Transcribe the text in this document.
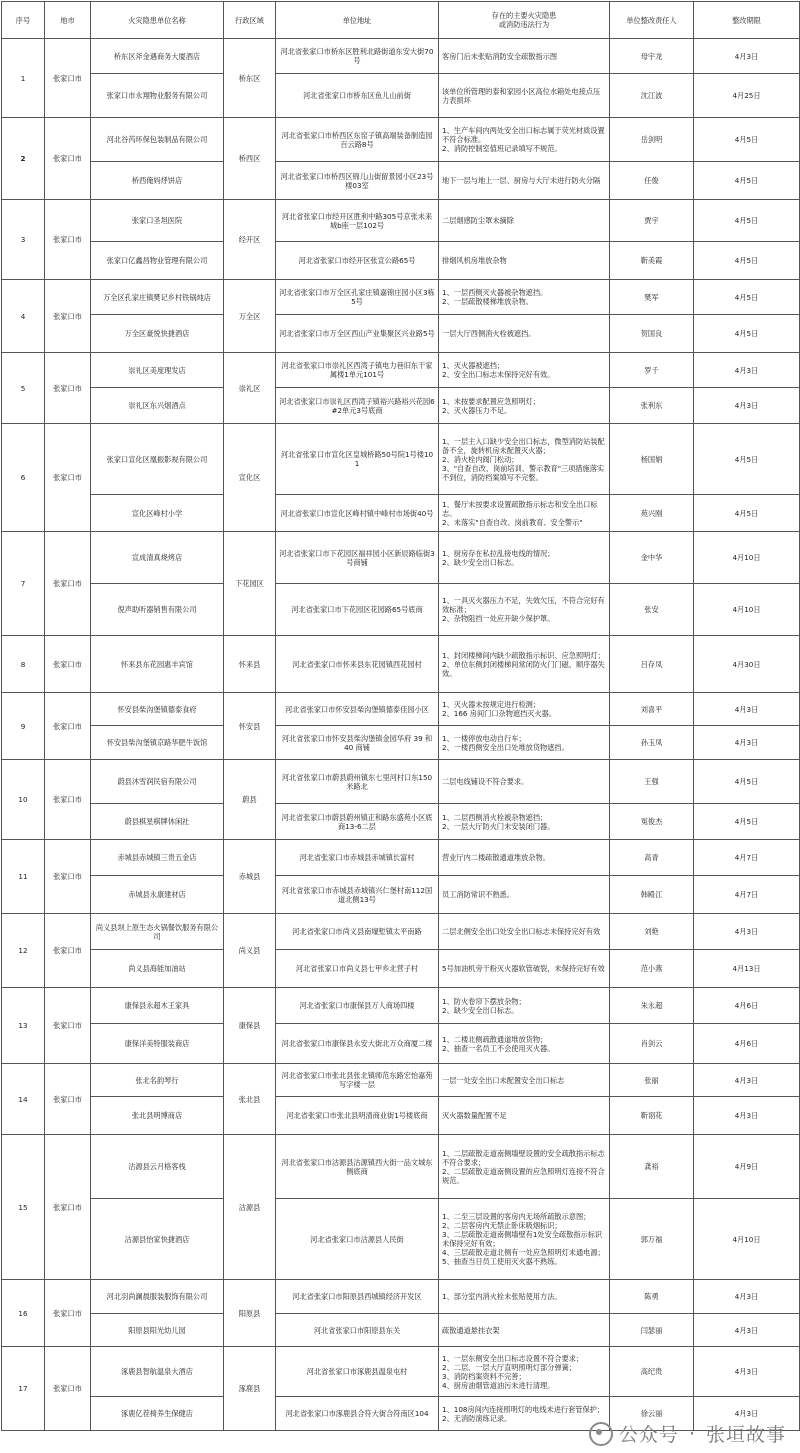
序号	地市	火灾隐患单位名称	行政区域	单位地址	存在的主要火灾隐患
或消防违法行为	单位整改责任人	整改期限
1	张家口市	桥东区斧金遇商务大厦酒店	桥东区	河北省张家口市桥东区胜利北路街道东安大街70号	客房门后未张贴消防安全疏散指示图	母宇龙	4月3日
		张家口市永翔物业服务有限公司		河北省张家口市桥东区鱼儿山前街	该单位所管理的泰和家园小区高位水箱处电接点压力表损坏	沈江波	4月25日
2	张家口市	河北谷芮环保包装制品有限公司	桥西区	河北省张家口市桥西区东窑子镇高端装备制造园百云路8号	1、生产车间内两处安全出口标志属于荧光材质设置不符合标准。
2、消防控制室值班记录填写不规范。	岳剑明	4月5日
		桥西俺妈烀饼店		河北省张家口市桥西区锦儿山街留景园小区23号楼03室	地下一层与地上一层、厨房与大厅未进行防火分隔	任俊	4月5日
3	张家口市	张家口圣坦医院	经开区	河北省张家口市经开区胜利中路305号京张未来城b座一层102号	二层烟感防尘罩未摘除	贾宇	4月5日
		张家口亿鑫昌物业管理有限公司		河北省张家口市经开区张宣公路65号	排烟风机房堆放杂物	靳美霞	4月5日
4	张家口市	万全区孔家庄镇樊记乡村铁锅炖店	万全区	河北省张家口市万全区孔家庄镇嘉锦庄园小区3栋5号	1、一层西侧灭火器被杂物遮挡。
2、一层疏散楼梯堆放杂物。	樊军	4月5日
		万全区豪悦快捷酒店		河北省张家口市万全区西山产业集聚区兴业路5号	一层大厅西侧消火栓被遮挡。	贺国良	4月5日
5	张家口市	崇礼区美度理发店	崇礼区	河北省张家口市崇礼区西湾子镇电力巷旧东干家属楼1单元101号	1、灭火器被遮挡；
2、安全出口标志未保持完好有效。	罗千	4月3日
		崇礼区东兴烟酒点		河北省张家口市崇礼区西湾子镇裕兴路裕兴花园6#2单元3号底商	1、未按要求配置应急照明灯；
2、灭火器压力不足。	张利东	4月3日
6	张家口市	张家口宣化区凰振影视有限公司	宣化区	河北省张家口市宣化区皇城桥路50号院1号楼101	1、一层主入口缺少安全出口标志，微型消防站装配备不全，旋转机房未配置灭火器；
2、消火栓内阀门松动；
3、"自查自改、岗前培训、警示教育"三项措施落实不到位，消防档案填写不完整。	杨国娟	4月5日
		宣化区峰村小学		河北省张家口市宣化区峰村镇中峰村市场街40号	1、餐厅未按要求设置疏散指示标志和安全出口标志。
2、未落实"自查自改、岗前教育、安全警示"	苑兴刚	4月5日
7	张家口市	宣成清真烧烤店	下花园区	河北省张家口市下花园区福祥园小区新辰路临街3号商铺	1、厨房存在私拉乱接电线的情况；
2、缺少安全出口标志。	金中华	4月10日
		倪声助听器销售有限公司		河北省张家口市下花园区花园路65号底商	1、一具灭火器压力不足，失效欠压，不符合完好有效标准；
2、杂物阻挡一处应开缺少保护罩。	张安	4月10日
8	张家口市	怀来县东花园惠丰宾馆	怀来县	河北省张家口市怀来县东花园镇西花园村	1、封闭楼梯间内缺少疏散指示标识、应急照明灯；
2、单位东侧封闭楼梯间常闭防火门门磁、顺序器失效。	吕存凤	4月30日
9	张家口市	怀安县柴沟堡镇德泰食府	怀安县	河北省张家口市怀安县柴沟堡镇德泰佳园小区	1、灭火器未按规定进行检测；
2、166 房间门口杂物遮挡灭火器。	刘喜平	4月3日
		怀安县柴沟堡镇京路华肥牛饭馆		河北省张家口市怀安县柴沟堡镇金园华府 39 和 40 商铺	1、一楼停放电动自行车；
2、一楼西侧安全出口处堆放货物遮挡。	孙玉凤	4月3日
10	张家口市	蔚县沐雪润民宿有限公司	蔚县	河北省张家口市蔚县蔚州镇东七里河村口东150米路北	二层电线铺设不符合要求。	王强	4月5日
		蔚县棋星棋牌休闲社		河北省张家口市蔚县蔚州镇正和路东盛苑小区底商13-6二层	1、二层西侧消火栓被杂物遮挡；
2、一层大厅防火门未安装闭门器。	冤俊杰	4月5日
11	张家口市	赤城县赤城镇三贵五金店	赤城县	河北省张家口市赤城县赤城镇长富村	营业厅内二楼疏散通道堆放杂物。	高青	4月7日
		赤城县永康建材店		河北省张家口市赤城县赤城镇兴仁堡村南112国道北侧13号	员工消防常识不熟悉。	韩殿江	4月7日
12	张家口市	尚义县坝上原生态火锅餐饮服务有限公司	尚义县	河北省张家口市尚义县南壕堑镇太平南路	二层北侧安全出口处安全出口标志未保持完好有效	刘艳	4月3日
		尚义县海能加油站		河北省张家口市尚义县七甲乡北营子村	5号加油机旁干粉灭火器软管破裂，未保持完好有效	范小燕	4月13日
13	张家口市	康保县永超木王家具	康保县	河北省张家口市康保县万人商场四楼	1、防火卷帘下摆放杂物；
2、缺少安全出口标志。	朱永超	4月6日
		康保洋美特服装商店		河北省张家口市康保县永安大街北万众商厦二楼	1、二楼北侧疏散通道堆放货物；
2、抽查一名员工不会使用灭火器。	肖剑云	4月6日
14	张家口市	张北名韵琴行	张北县	河北省张家口市张北县张北镇师范东路宏怡嘉苑写字楼一层	一层一处安全出口未配置安全出口标志	张丽	4月3日
		张北县明博商店		河北省张家口市张北县明清商业街1号楼底商	灭火器数量配置不足	靳诩花	4月3日
15	张家口市	沽源县云月格客栈	沽源县	河北省张家口市沽源县沽源镇西大街一品文城东侧底商	1、二层疏散走道南侧墙壁设置的安全疏散指示标志不符合要求；
2、二层疏散走道南侧设置的应急照明灯连接不符合规范。	龚裕	4月9日
		沽源县怡家快捷酒店		河北省张家口市沽源县人民街	1、二至三层设置的客房内无场所疏散示意图；
2、二层客房内无禁止卧床吸烟标识；
3、二层疏散走道南侧墙壁有1处安全疏散指示标识未保持完好有效；
4、三层疏散走道北侧有一处应急照明灯未通电源；
5、抽查当日员工使用灭火器不熟练。	郭万福	4月10日
16	张家口市	河北羽尚澜晨服装服饰有限公司	阳原县	河北省张家口市阳原县西城镇经济开发区	1、部分室内消火栓未张贴使用方法。	陈勇	4月3日
		阳原县阳光幼儿园		河北省张家口市阳原县东关	疏散通道悬挂衣架	闫瑟丽	4月3日
17	张家口市	涿鹿县智航温泉大酒店	涿鹿县	河北省张家口市涿鹿县温泉屯村	1、一层东侧安全出口标志设置不符合要求；
2、二层、一层大厅直明照明灯部分弹簧；
3、消防档案资料不完善；
4、厨房油烟管道油污未进行清理。	高纪贵	4月3日
		涿鹿亿茬椅养生保健店		河北省张家口市涿鹿县合符大街合符南区104	1、108房间内连接照明灯的电线未进行套管保护；
2、无消防演练记录。	徐云丽	4月3日
公众号 · 张垣故事
